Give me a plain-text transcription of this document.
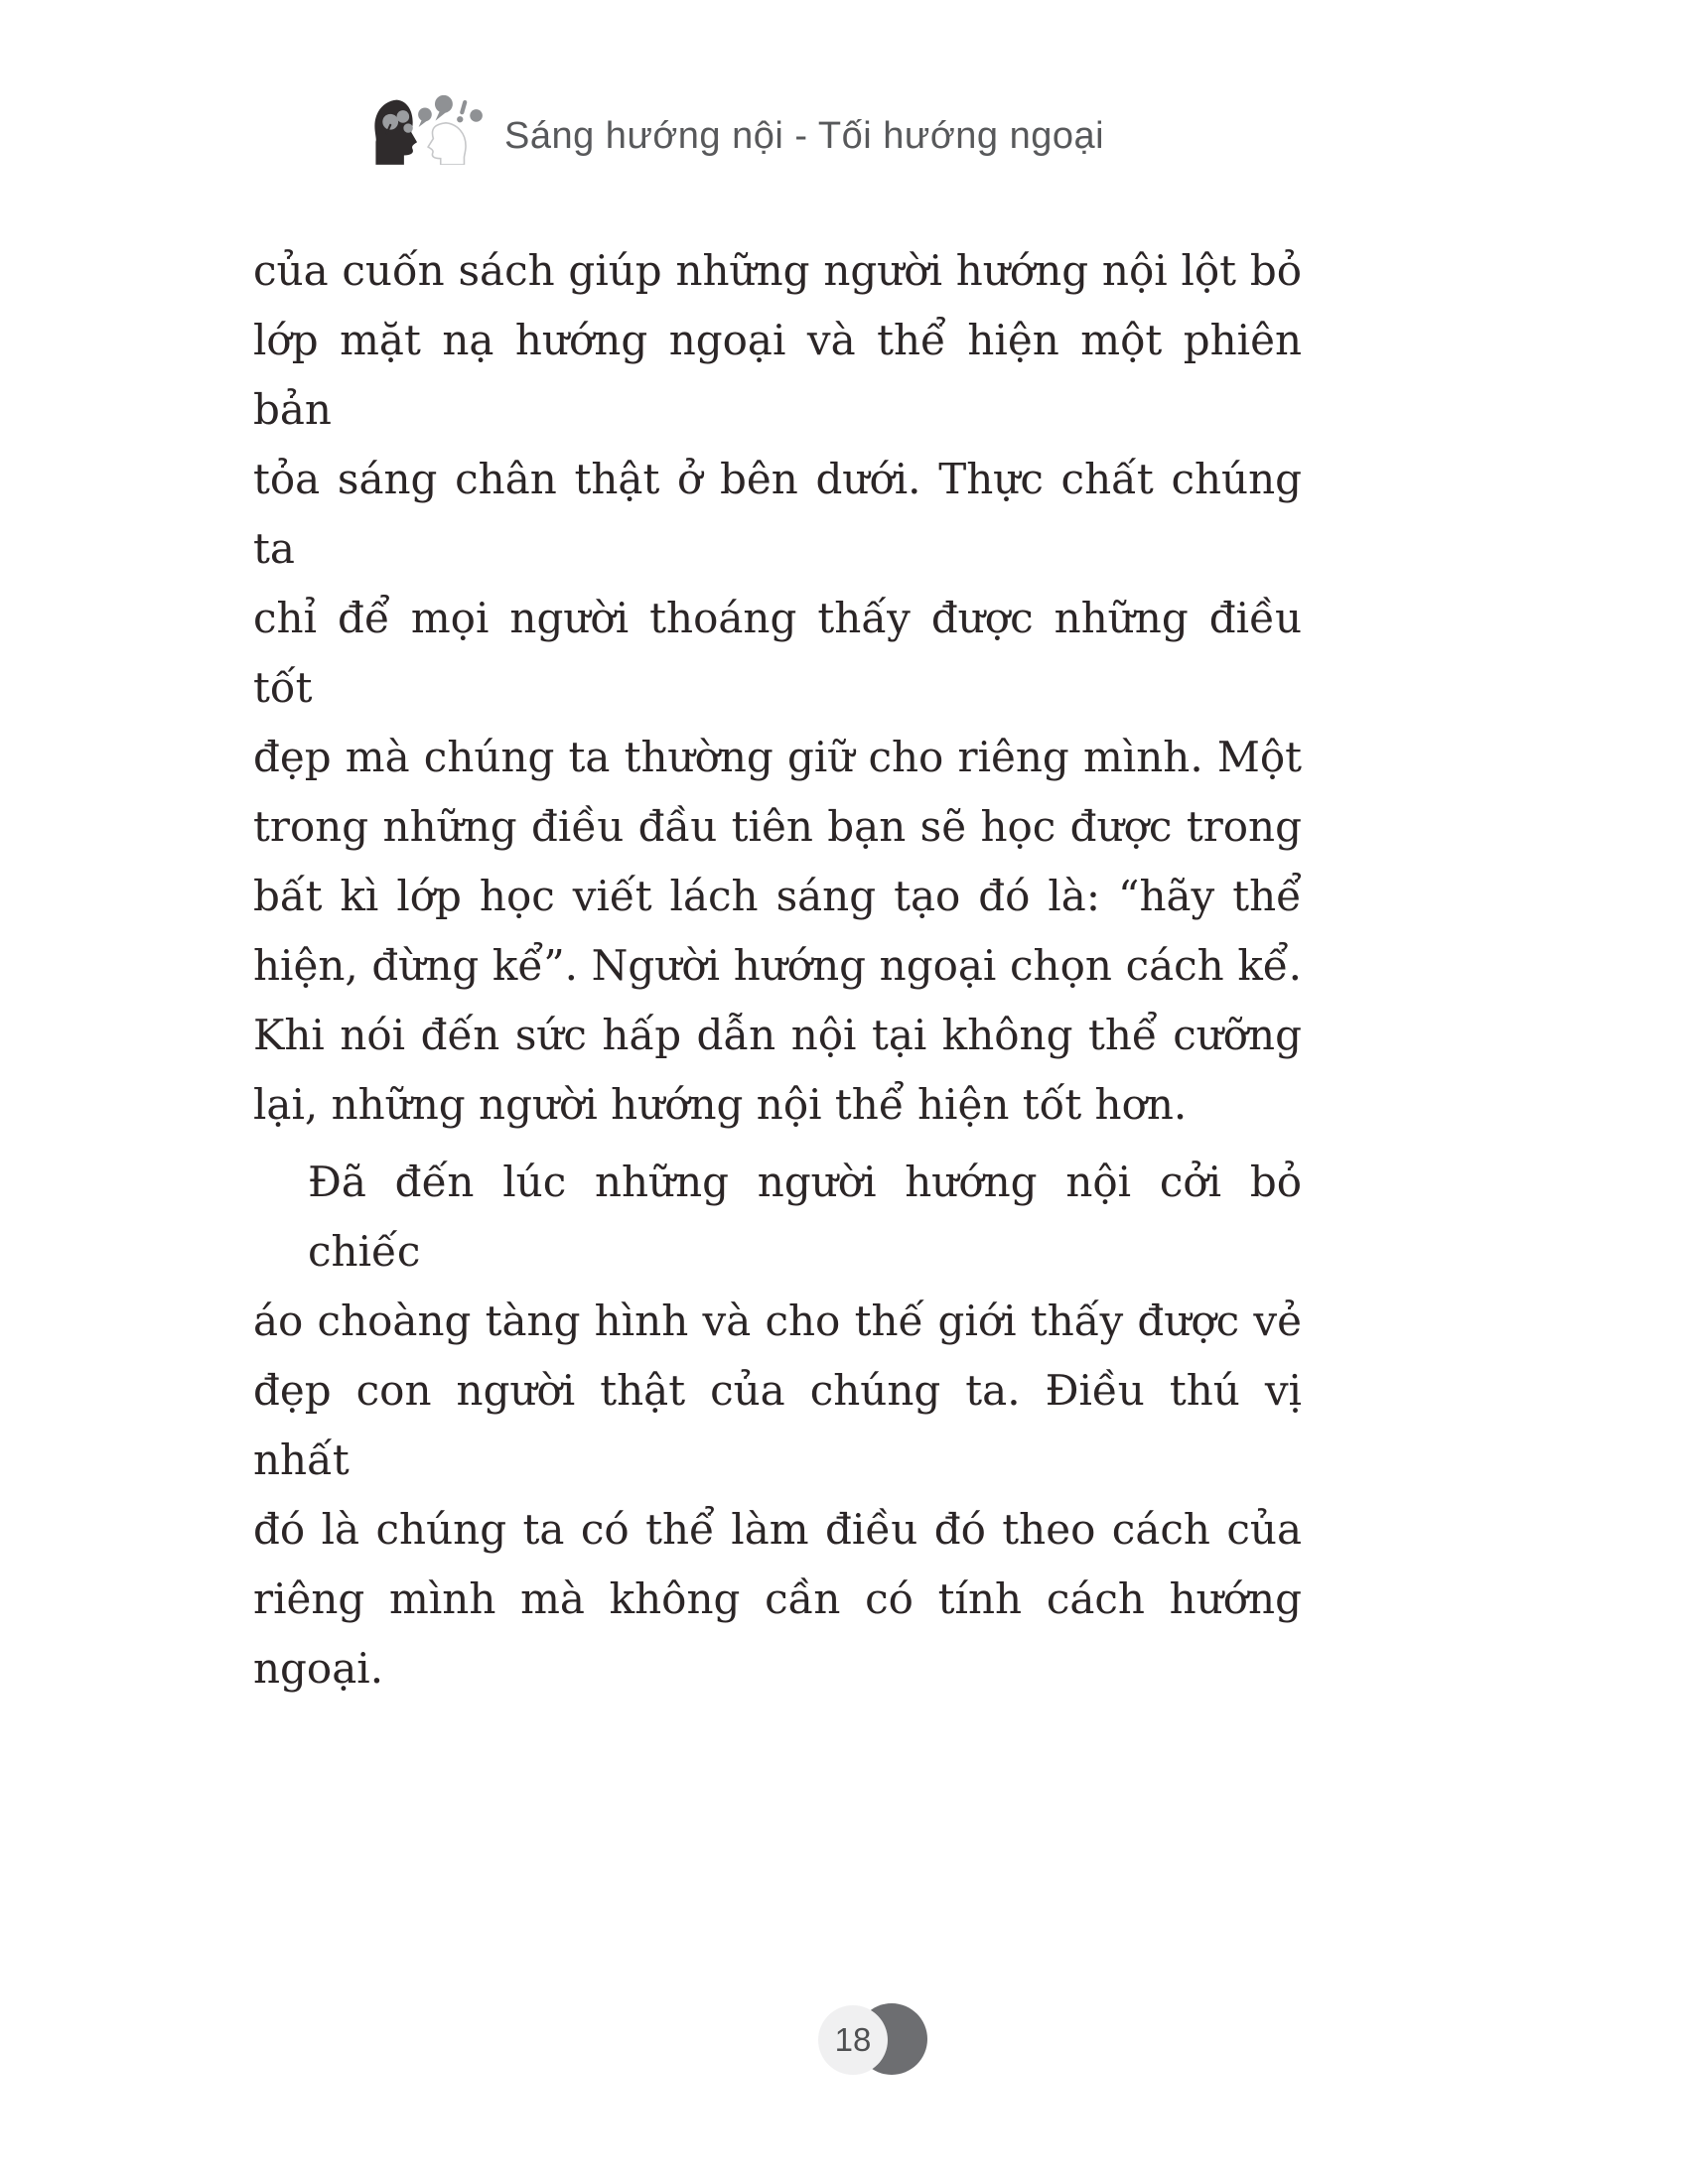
Sáng hướng nội - Tối hướng ngoại
của cuốn sách giúp những người hướng nội lột bỏ
lớp mặt nạ hướng ngoại và thể hiện một phiên bản
tỏa sáng chân thật ở bên dưới. Thực chất chúng ta
chỉ để mọi người thoáng thấy được những điều tốt
đẹp mà chúng ta thường giữ cho riêng mình. Một
trong những điều đầu tiên bạn sẽ học được trong
bất kì lớp học viết lách sáng tạo đó là: “hãy thể
hiện, đừng kể”. Người hướng ngoại chọn cách kể.
Khi nói đến sức hấp dẫn nội tại không thể cưỡng
lại, những người hướng nội thể hiện tốt hơn.
Đã đến lúc những người hướng nội cởi bỏ chiếc
áo choàng tàng hình và cho thế giới thấy được vẻ
đẹp con người thật của chúng ta. Điều thú vị nhất
đó là chúng ta có thể làm điều đó theo cách của
riêng mình mà không cần có tính cách hướng ngoại.
18
